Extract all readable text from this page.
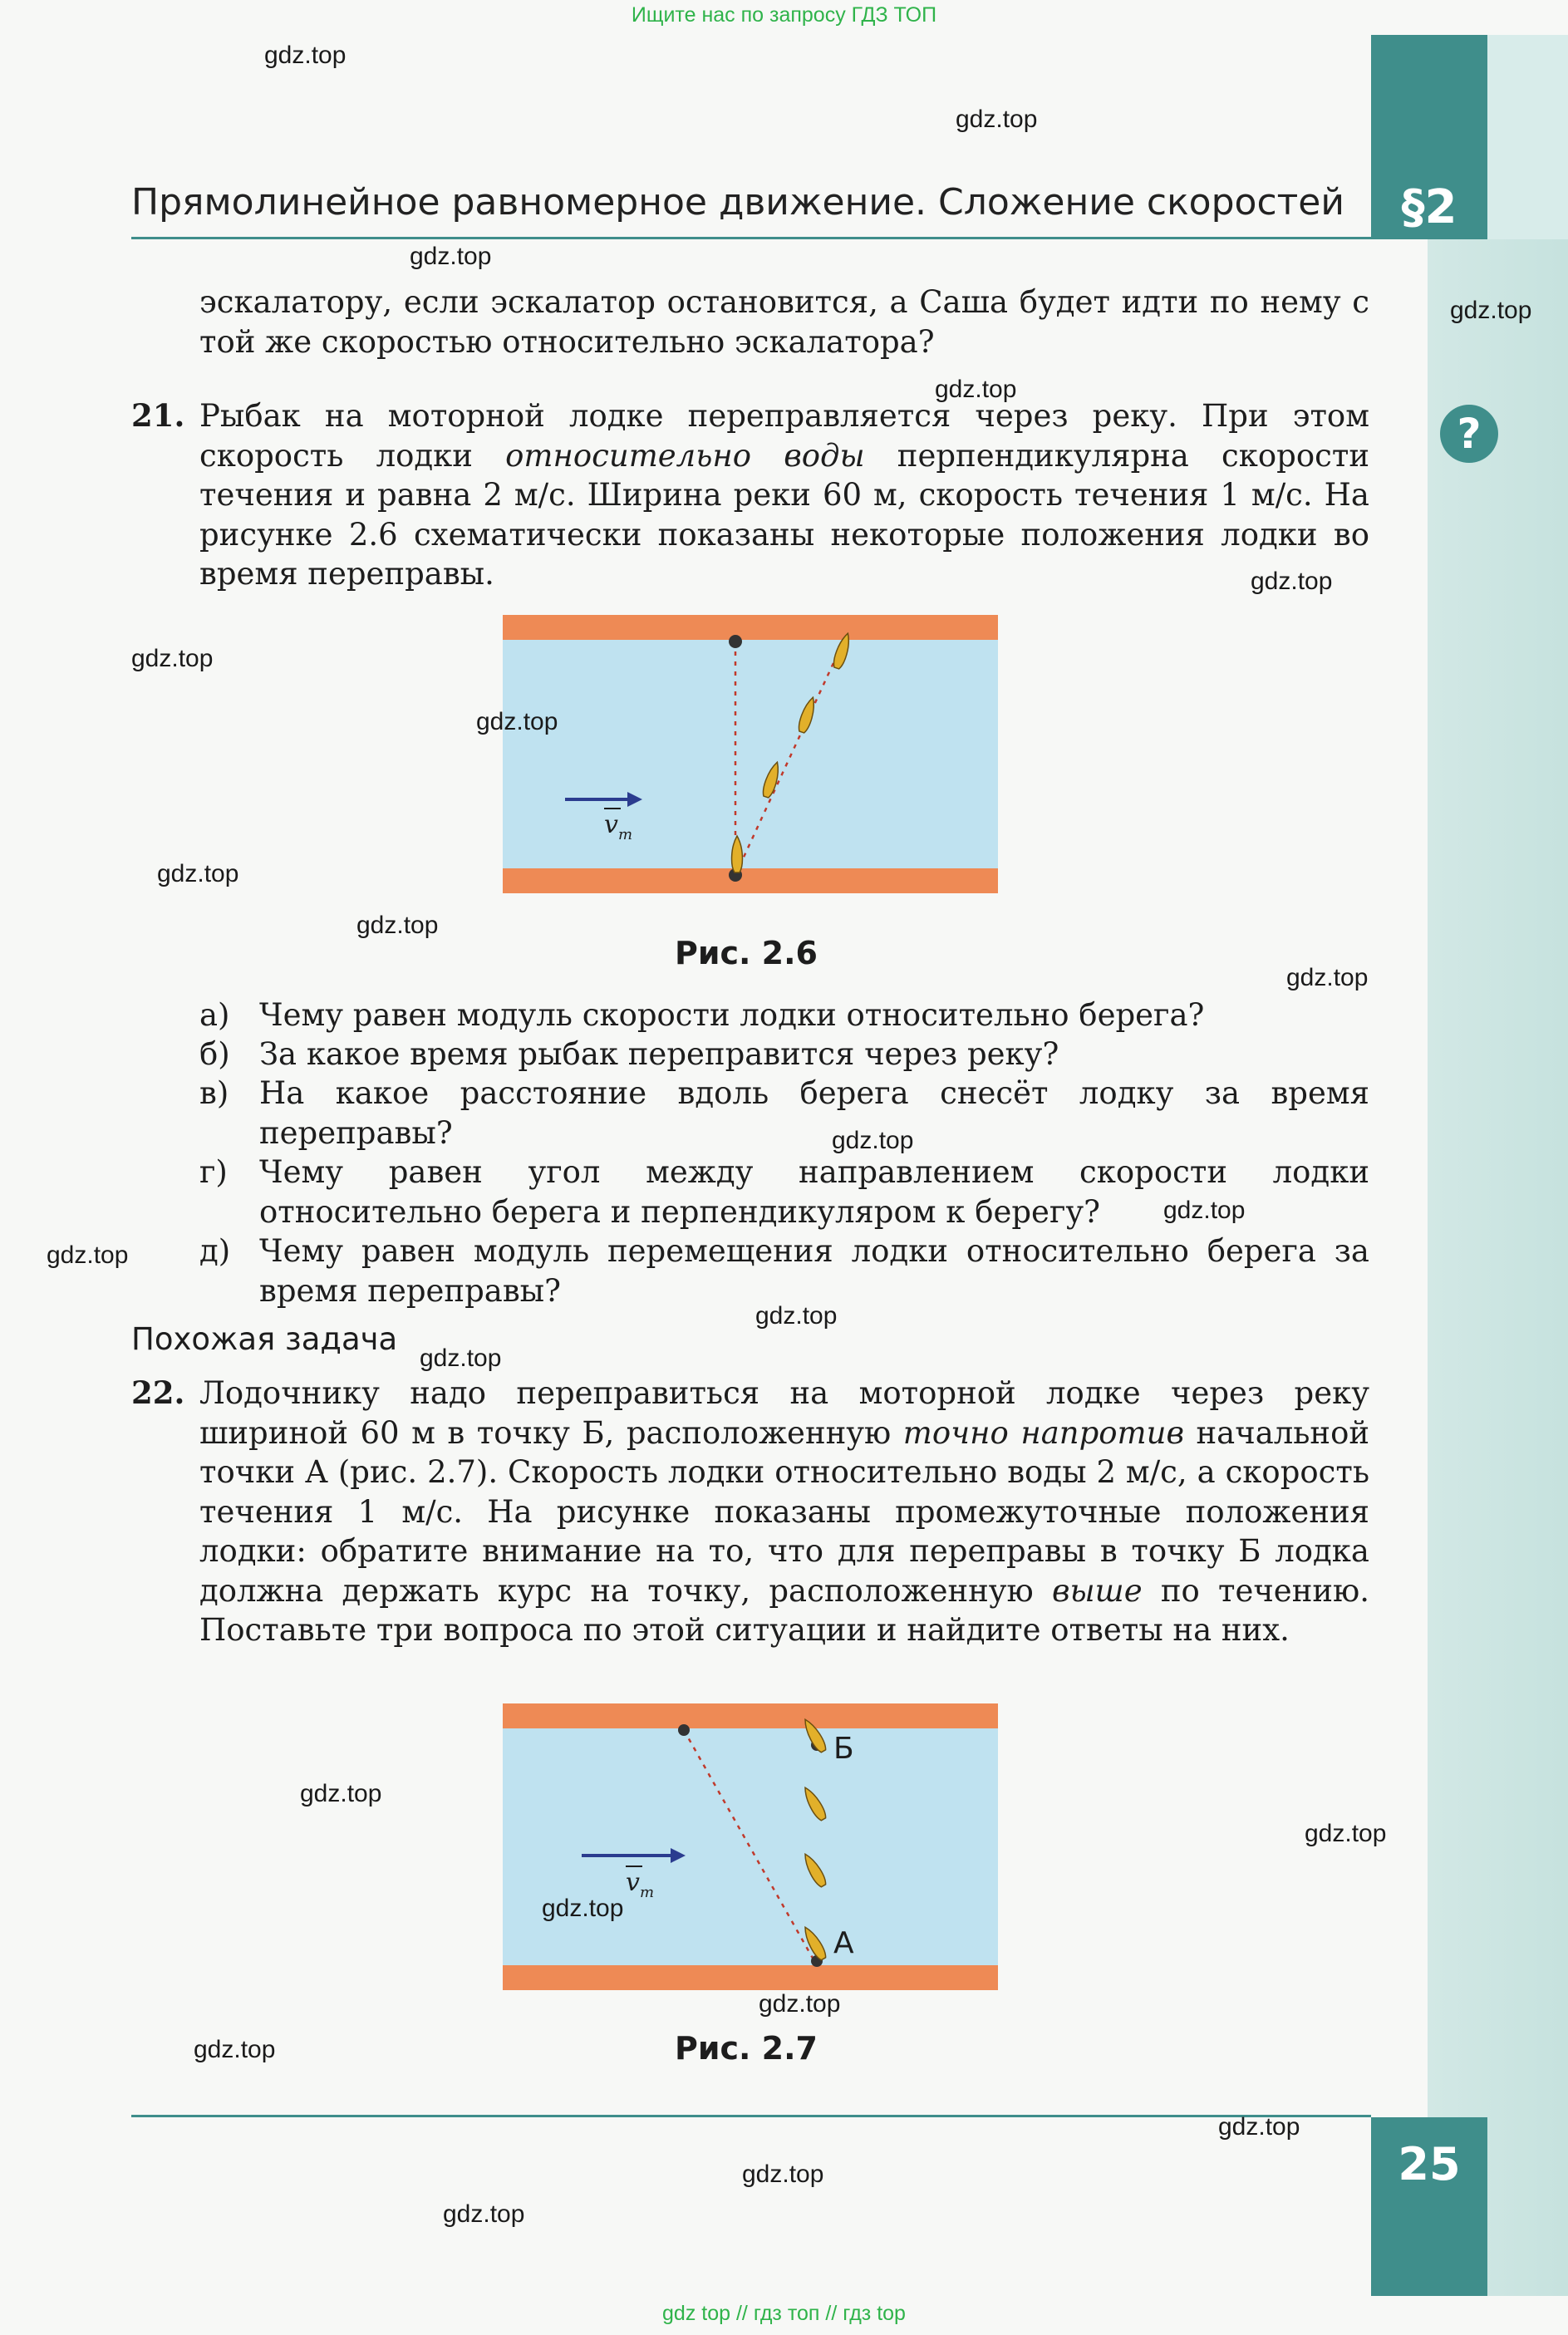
Ищите нас по запросу ГДЗ ТОП
§2
?
Прямолинейное равномерное движение. Сложение скоростей
эскалатору, если эскалатор остановится, а Саша будет идти по нему с той же скоростью относительно эскалатора?
21. Рыбак на моторной лодке переправляется через реку. При этом скорость лодки относительно воды перпендикулярна скорости течения и равна 2 м/с. Ширина реки 60 м, скорость течения 1 м/с. На рисунке 2.6 схематически показаны некоторые положения лодки во время переправы.
$v_т$
Рис. 2.6
а) Чему равен модуль скорости лодки относительно берега?
б) За какое время рыбак переправится через реку?
в) На какое расстояние вдоль берега снесёт лодку за время переправы?
г) Чему равен угол между направлением скорости лодки относительно берега и перпендикуляром к берегу?
д) Чему равен модуль перемещения лодки относительно берега за время переправы?
Похожая задача
22. Лодочнику надо переправиться на моторной лодке через реку шириной 60 м в точку Б, расположенную точно напротив начальной точки А (рис. 2.7). Скорость лодки относительно воды 2 м/с, а скорость течения 1 м/с. На рисунке показаны промежуточные положения лодки: обратите внимание на то, что для переправы в точку Б лодка должна держать курс на точку, расположенную выше по течению. Поставьте три вопроса по этой ситуации и найдите ответы на них.
Б
А
$v_т$
Рис. 2.7
25
gdz.top
gdz.top
gdz.top
gdz.top
gdz.top
gdz.top
gdz.top
gdz.top
gdz.top
gdz.top
gdz.top
gdz.top
gdz.top
gdz.top
gdz.top
gdz.top
gdz.top
gdz.top
gdz.top
gdz.top
gdz.top
gdz.top
gdz.top
gdz.top
gdz top // гдз топ // гдз top
